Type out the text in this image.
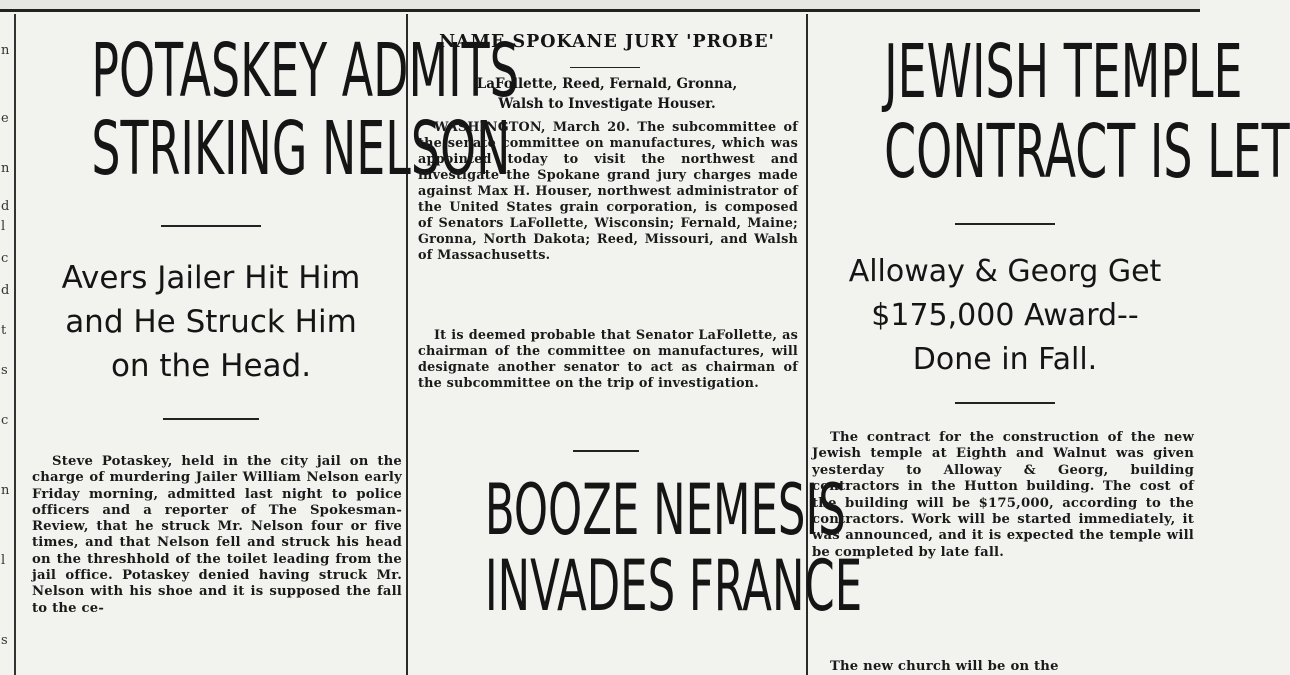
n
e
n
d
l
c
d
t
s
c
n
l
s
POTASKEY ADMITS
STRIKING NELSON
Avers Jailer Hit Him
and He Struck Him
on the Head.

Steve Potaskey, held in the city jail on the charge of murdering Jailer William Nelson early Friday morning, admitted last night to police officers and a reporter of The Spokesman-Review, that he struck Mr. Nelson four or five times, and that Nelson fell and struck his head on the threshhold of the toilet leading from the jail office. Potaskey denied having struck Mr. Nelson with his shoe and it is supposed the fall to the ce-

NAME SPOKANE JURY 'PROBE'
LaFollette, Reed, Fernald, Gronna,
Walsh to Investigate Houser.

WASHINGTON, March 20. The subcommittee of the senate committee on manufactures, which was appointed today to visit the northwest and investigate the Spokane grand jury charges made against Max H. Houser, northwest administrator of the United States grain corporation, is composed of Senators LaFollette, Wisconsin; Fernald, Maine; Gronna, North Dakota; Reed, Missouri, and Walsh of Massachusetts.

It is deemed probable that Senator LaFollette, as chairman of the committee on manufactures, will designate another senator to act as chairman of the subcommittee on the trip of investigation.

BOOZE NEMESIS
INVADES FRANCE
JEWISH TEMPLE
CONTRACT IS LET
Alloway & Georg Get
$175,000 Award--
Done in Fall.

The contract for the construction of the new Jewish temple at Eighth and Walnut was given yesterday to Alloway & Georg, building contractors in the Hutton building. The cost of the building will be $175,000, according to the contractors. Work will be started immediately, it was announced, and it is expected the temple will be completed by late fall.

The new church will be on the
